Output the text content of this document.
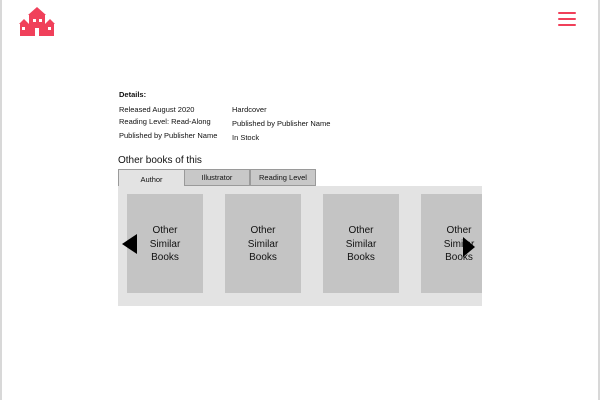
Details:
Released August 2020
Reading Level: Read-Along
Published by Publisher Name
Hardcover
Published by Publisher Name
In Stock
Other books of this
Author	Illustrator	Reading Level
Other
Similar
Books
Other
Similar
Books
Other
Similar
Books
Other
Similar
Books
